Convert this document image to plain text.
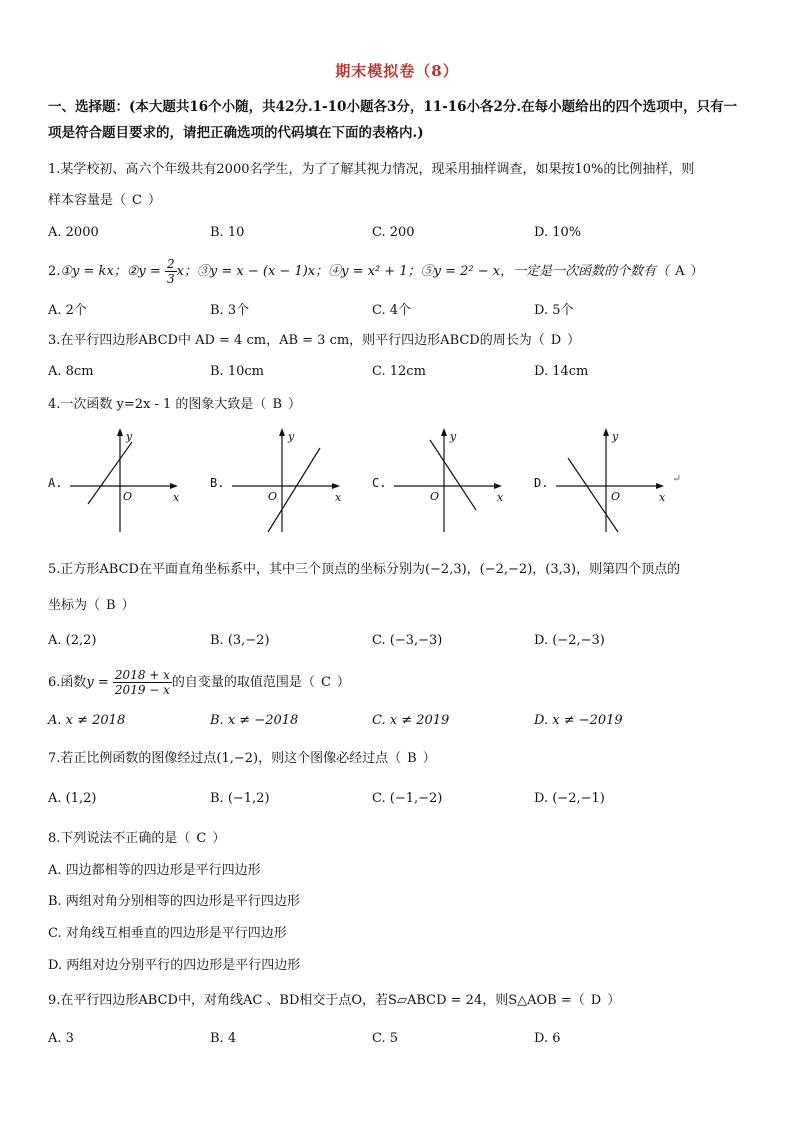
期末模拟卷（8）
一、选择题：(本大题共16个小随，共42分.1-10小题各3分，11-16小各2分.在每小题给出的四个选项中，只有一项是符合题目要求的，请把正确选项的代码填在下面的表格内.)
1.某学校初、高六个年级共有2000名学生，为了了解其视力情况，现采用抽样调查，如果按10%的比例抽样，则
样本容量是（ C ）
A. 2000	B. 10	C. 200	D. 10%
2.①y = kx；②y = $\frac{2}{3}$ x；③y = x − (x − 1)x；④y = x² + 1；⑤y = 2² − x，一定是一次函数的个数有（ A ）
A. 2个	B. 3个	C. 4个	D. 5个
3.在平行四边形ABCD中 AD = 4 cm，AB = 3 cm，则平行四边形ABCD的周长为（ D ）
A. 8cm	B. 10cm	C. 12cm	D. 14cm
4.一次函数 y=2x - 1 的图象大致是（ B ）
A.
y
x
O
B.
y
x
O
C.
y
x
O
D.
y
x
O
↵
5.正方形ABCD在平面直角坐标系中，其中三个顶点的坐标分别为(−2,3)，(−2,−2)，(3,3)，则第四个顶点的
坐标为（ B ）
A. (2,2)	B. (3,−2)	C. (−3,−3)	D. (−2,−3)
6.函数$y = \frac{2018 + x}{2019 - x}$ 的自变量的取值范围是（ C ）
A. x ≠ 2018	B. x ≠ −2018	C. x ≠ 2019	D. x ≠ −2019
7.若正比例函数的图像经过点(1,−2)，则这个图像必经过点（ B ）
A. (1,2)	B. (−1,2)	C. (−1,−2)	D. (−2,−1)
8.下列说法不正确的是（ C ）
A. 四边都相等的四边形是平行四边形
B. 两组对角分别相等的四边形是平行四边形
C. 对角线互相垂直的四边形是平行四边形
D. 两组对边分别平行的四边形是平行四边形
9.在平行四边形ABCD中，对角线AC 、BD相交于点O，若S▱ABCD = 24，则S△AOB =（ D ）
A. 3	B. 4	C. 5	D. 6
